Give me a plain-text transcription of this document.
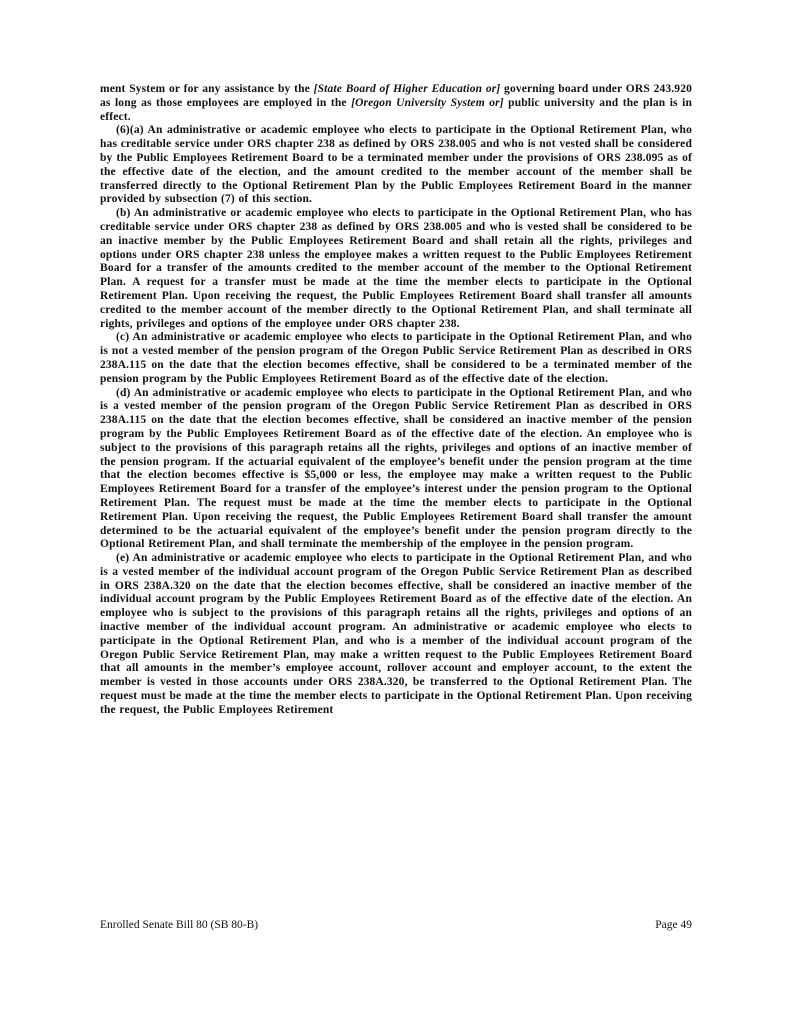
ment System or for any assistance by the [State Board of Higher Education or] governing board under ORS 243.920 as long as those employees are employed in the [Oregon University System or] public university and the plan is in effect.

(6)(a) An administrative or academic employee who elects to participate in the Optional Retirement Plan, who has creditable service under ORS chapter 238 as defined by ORS 238.005 and who is not vested shall be considered by the Public Employees Retirement Board to be a terminated member under the provisions of ORS 238.095 as of the effective date of the election, and the amount credited to the member account of the member shall be transferred directly to the Optional Retirement Plan by the Public Employees Retirement Board in the manner provided by subsection (7) of this section.

(b) An administrative or academic employee who elects to participate in the Optional Retirement Plan, who has creditable service under ORS chapter 238 as defined by ORS 238.005 and who is vested shall be considered to be an inactive member by the Public Employees Retirement Board and shall retain all the rights, privileges and options under ORS chapter 238 unless the employee makes a written request to the Public Employees Retirement Board for a transfer of the amounts credited to the member account of the member to the Optional Retirement Plan. A request for a transfer must be made at the time the member elects to participate in the Optional Retirement Plan. Upon receiving the request, the Public Employees Retirement Board shall transfer all amounts credited to the member account of the member directly to the Optional Retirement Plan, and shall terminate all rights, privileges and options of the employee under ORS chapter 238.

(c) An administrative or academic employee who elects to participate in the Optional Retirement Plan, and who is not a vested member of the pension program of the Oregon Public Service Retirement Plan as described in ORS 238A.115 on the date that the election becomes effective, shall be considered to be a terminated member of the pension program by the Public Employees Retirement Board as of the effective date of the election.

(d) An administrative or academic employee who elects to participate in the Optional Retirement Plan, and who is a vested member of the pension program of the Oregon Public Service Retirement Plan as described in ORS 238A.115 on the date that the election becomes effective, shall be considered an inactive member of the pension program by the Public Employees Retirement Board as of the effective date of the election. An employee who is subject to the provisions of this paragraph retains all the rights, privileges and options of an inactive member of the pension program. If the actuarial equivalent of the employee’s benefit under the pension program at the time that the election becomes effective is $5,000 or less, the employee may make a written request to the Public Employees Retirement Board for a transfer of the employee’s interest under the pension program to the Optional Retirement Plan. The request must be made at the time the member elects to participate in the Optional Retirement Plan. Upon receiving the request, the Public Employees Retirement Board shall transfer the amount determined to be the actuarial equivalent of the employee’s benefit under the pension program directly to the Optional Retirement Plan, and shall terminate the membership of the employee in the pension program.

(e) An administrative or academic employee who elects to participate in the Optional Retirement Plan, and who is a vested member of the individual account program of the Oregon Public Service Retirement Plan as described in ORS 238A.320 on the date that the election becomes effective, shall be considered an inactive member of the individual account program by the Public Employees Retirement Board as of the effective date of the election. An employee who is subject to the provisions of this paragraph retains all the rights, privileges and options of an inactive member of the individual account program. An administrative or academic employee who elects to participate in the Optional Retirement Plan, and who is a member of the individual account program of the Oregon Public Service Retirement Plan, may make a written request to the Public Employees Retirement Board that all amounts in the member’s employee account, rollover account and employer account, to the extent the member is vested in those accounts under ORS 238A.320, be transferred to the Optional Retirement Plan. The request must be made at the time the member elects to participate in the Optional Retirement Plan. Upon receiving the request, the Public Employees Retirement

Enrolled Senate Bill 80 (SB 80-B)	Page 49
